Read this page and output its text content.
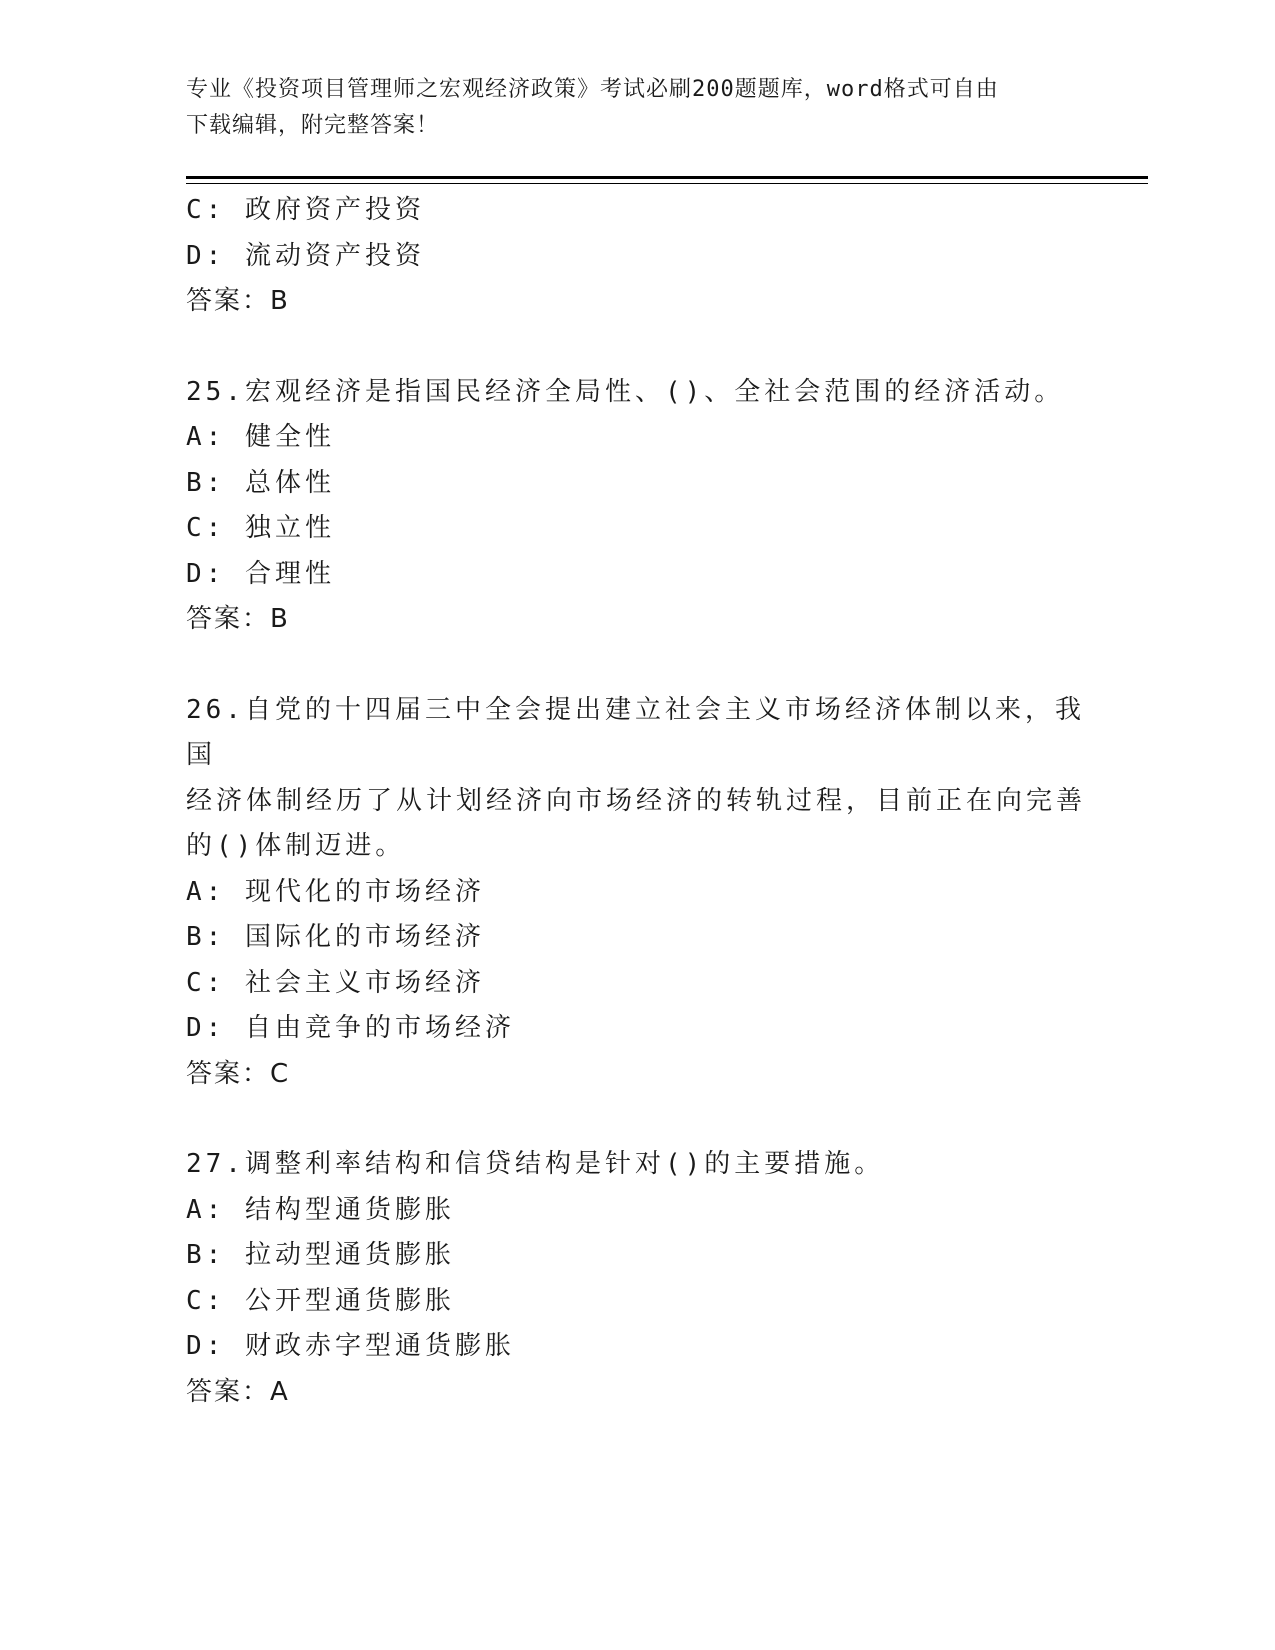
专业《投资项目管理师之宏观经济政策》考试必刷200题题库，word格式可自由
下载编辑，附完整答案！
C: 政府资产投资
D: 流动资产投资
答案：B
25.宏观经济是指国民经济全局性、()、全社会范围的经济活动。
A: 健全性
B: 总体性
C: 独立性
D: 合理性
答案：B
26.自党的十四届三中全会提出建立社会主义市场经济体制以来，我国
经济体制经历了从计划经济向市场经济的转轨过程，目前正在向完善
的()体制迈进。
A: 现代化的市场经济
B: 国际化的市场经济
C: 社会主义市场经济
D: 自由竞争的市场经济
答案：C
27.调整利率结构和信贷结构是针对()的主要措施。
A: 结构型通货膨胀
B: 拉动型通货膨胀
C: 公开型通货膨胀
D: 财政赤字型通货膨胀
答案：A
